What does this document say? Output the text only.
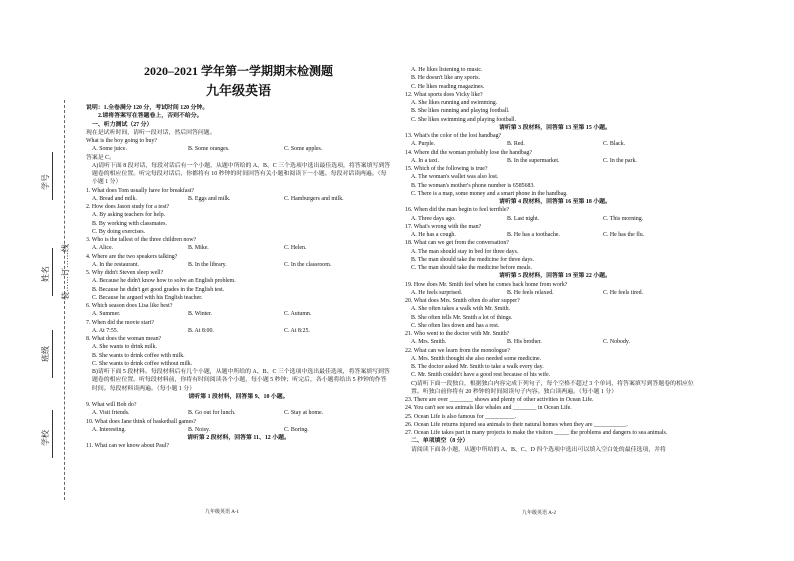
学号
姓名 装……订……线
班级
学校
2020–2021 学年第一学期期末检测题
九年级英语
说明：1.全卷满分 120 分，考试时间 120 分钟。
2.请将答案写在答题卷上，否则不给分。
一、听力测试（27 分）
现在是试听时间，请听一段对话，然后回答问题。
What is the boy going to buy?
A. Some juice.	B. Some oranges.	C. Some apples.
答案是 C。
A)请听下面 8 段对话，每段对话后有一个小题，从题中所给的 A、B、C 三个选项中选出最佳选项，将答案填写到答题卷的相应位置。听完每段对话后，你都将有 10 秒钟的时间回答有关小题和阅读下一小题。每段对话读两遍。（每小题 1 分）
1. What does Tom usually have for breakfast?
A. Bread and milk.	B. Eggs and milk.	C. Hamburgers and milk.
2. How does Jason study for a test?
A. By asking teachers for help.
B. By working with classmates.
C. By doing exercises.
3. Who is the tallest of the three children now?
A. Alice.	B. Mike.	C. Helen.
4. Where are the two speakers talking?
A. In the restaurant.	B. In the library.	C. In the classroom.
5. Why didn't Steven sleep well?
A. Because he didn't know how to solve an English problem.
B. Because he didn't get good grades in the English test.
C. Because he argued with his English teacher.
6. Which season does Lisa like best?
A. Summer.	B. Winter.	C. Autumn.
7. When did the movie start?
A. At 7:55.	B. At 8:00.	C. At 8:25.
8. What does the woman mean?
A. She wants to drink milk.
B. She wants to drink coffee with milk.
C. She wants to drink coffee without milk.
B)请听下面 5 段材料。每段材料后有几个小题，从题中所给的 A、B、C 三个选项中选出最佳选项，将答案填写到答题卷的相应位置。听每段材料前，你将有时间阅读各个小题，每小题 5 秒钟；听完后，各小题将给出 5 秒钟的作答时间。每段材料读两遍。（每小题 1 分）
请听第 1 段材料，回答第 9、10 小题。
9. What will Bob do?
A. Visit friends.	B. Go out for lunch.	C. Stay at home.
10. What does Jane think of basketball games?
A. Interesting.	B. Noisy.	C. Boring.
请听第 2 段材料，回答第 11、12 小题。
11. What can we know about Paul?
A. He likes listening to music.
B. He doesn't like any sports.
C. He likes reading magazines.
12. What sports does Vicky like?
A. She likes running and swimming.
B. She likes running and playing football.
C. She likes swimming and playing football.
请听第 3 段材料，回答第 13 至第 15 小题。
13. What's the color of the lost handbag?
A. Purple.	B. Red.	C. Black.
14. Where did the woman probably lose the handbag?
A. In a taxi.	B. In the supermarket.	C. In the park.
15. Which of the following is true?
A. The woman's wallet was also lost.
B. The woman's mother's phone number is 6585683.
C. There is a map, some money and a smart phone in the handbag.
请听第 4 段材料，回答第 16 至第 18 小题。
16. When did the man begin to feel terrible?
A. Three days ago.	B. Last night.	C. This morning.
17. What's wrong with the man?
A. He has a cough.	B. He has a toothache.	C. He has the flu.
18. What can we get from the conversation?
A. The man should stay in bed for three days.
B. The man should take the medicine for three days.
C. The man should take the medicine before meals.
请听第 5 段材料，回答第 19 至第 22 小题。
19. How does Mr. Smith feel when he comes back home from work?
A. He feels surprised.	B. He feels relaxed.	C. He feels tired.
20. What does Mrs. Smith often do after supper?
A. She often takes a walk with Mr. Smith.
B. She often tells Mr. Smith a lot of things.
C. She often lies down and has a rest.
21. Who went to the doctor with Mr. Smith?
A. Mrs. Smith.	B. His brother.	C. Nobody.
22. What can we learn from the monologue?
A. Mrs. Smith thought she also needed some medicine.
B. The doctor asked Mr. Smith to take a walk every day.
C. Mr. Smith couldn't have a good rest because of his wife.
C)请听下面一段独白，根据独白内容完成下列句子，每个空格不超过 3 个单词，将答案填写到答题卷的相应位置。听独白前你将有 20 秒钟的时间阅读句子内容。独白读两遍。（每小题 1 分）
23. There are over ________ shows and plenty of other activities in Ocean Life.
24. You can't see sea animals like whales and ________ in Ocean Life.
25. Ocean Life is also famous for __________.
26. Ocean Life returns injured sea animals to their natural homes when they are ___________.
27. Ocean Life takes part in many projects to make the visitors _____ the problems and dangers to sea animals.
二、单项填空（8 分）
请阅读下面各小题，从题中所给的 A、B、C、D 四个选项中选出可以填入空白处的最佳选项，并将
九年级英语 A-1	九年级英语 A-2
